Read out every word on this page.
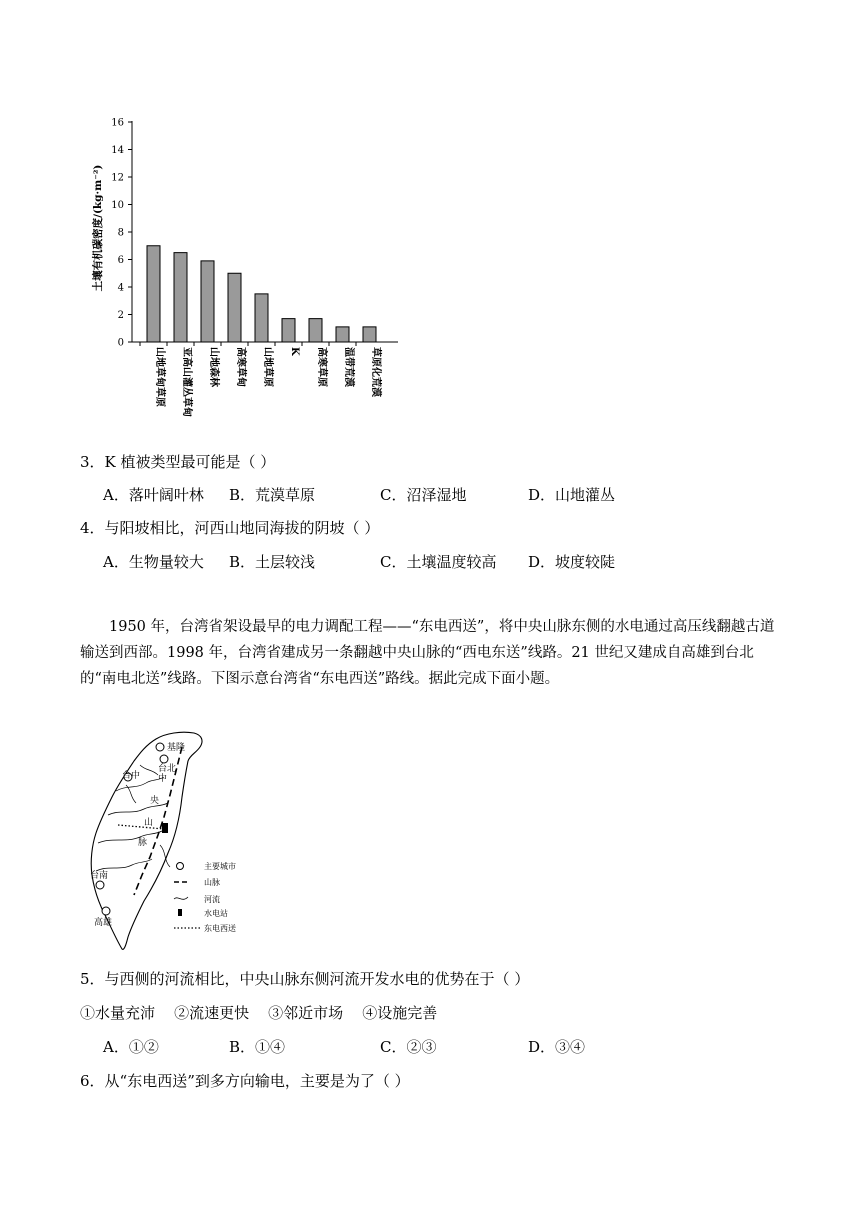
0
2
4
6
8
10
12
14
16
山地草甸草原 亚高山灌丛草甸 山地森林 高寒草甸 山地草原 K 高寒草原 温带荒漠 草原化荒漠
土壤有机碳密度/(kg·m⁻²)
3．K 植被类型最可能是（ ）
A．落叶阔叶林 B．荒漠草原	C．沼泽湿地	D．山地灌丛
4．与阳坡相比，河西山地同海拔的阴坡（ ）
A．生物量较大 B．土层较浅	C．土壤温度较高 D．坡度较陡
1950 年，台湾省架设最早的电力调配工程——“东电西送”，将中央山脉东侧的水电通过高压线翻越古道输送到西部。1998 年，台湾省建成另一条翻越中央山脉的“西电东送”线路。21 世纪又建成自高雄到台北的“南电北送”线路。下图示意台湾省“东电西送”路线。据此完成下面小题。
基隆
台北
台中
台南
高雄
中
央
山
脉
主要城市
山脉
河流
水电站
东电西送
5．与西侧的河流相比，中央山脉东侧河流开发水电的优势在于（ ）
①水量充沛    ②流速更快    ③邻近市场    ④设施完善
A．①②	B．①④	C．②③	D．③④
6．从“东电西送”到多方向输电，主要是为了（ ）
